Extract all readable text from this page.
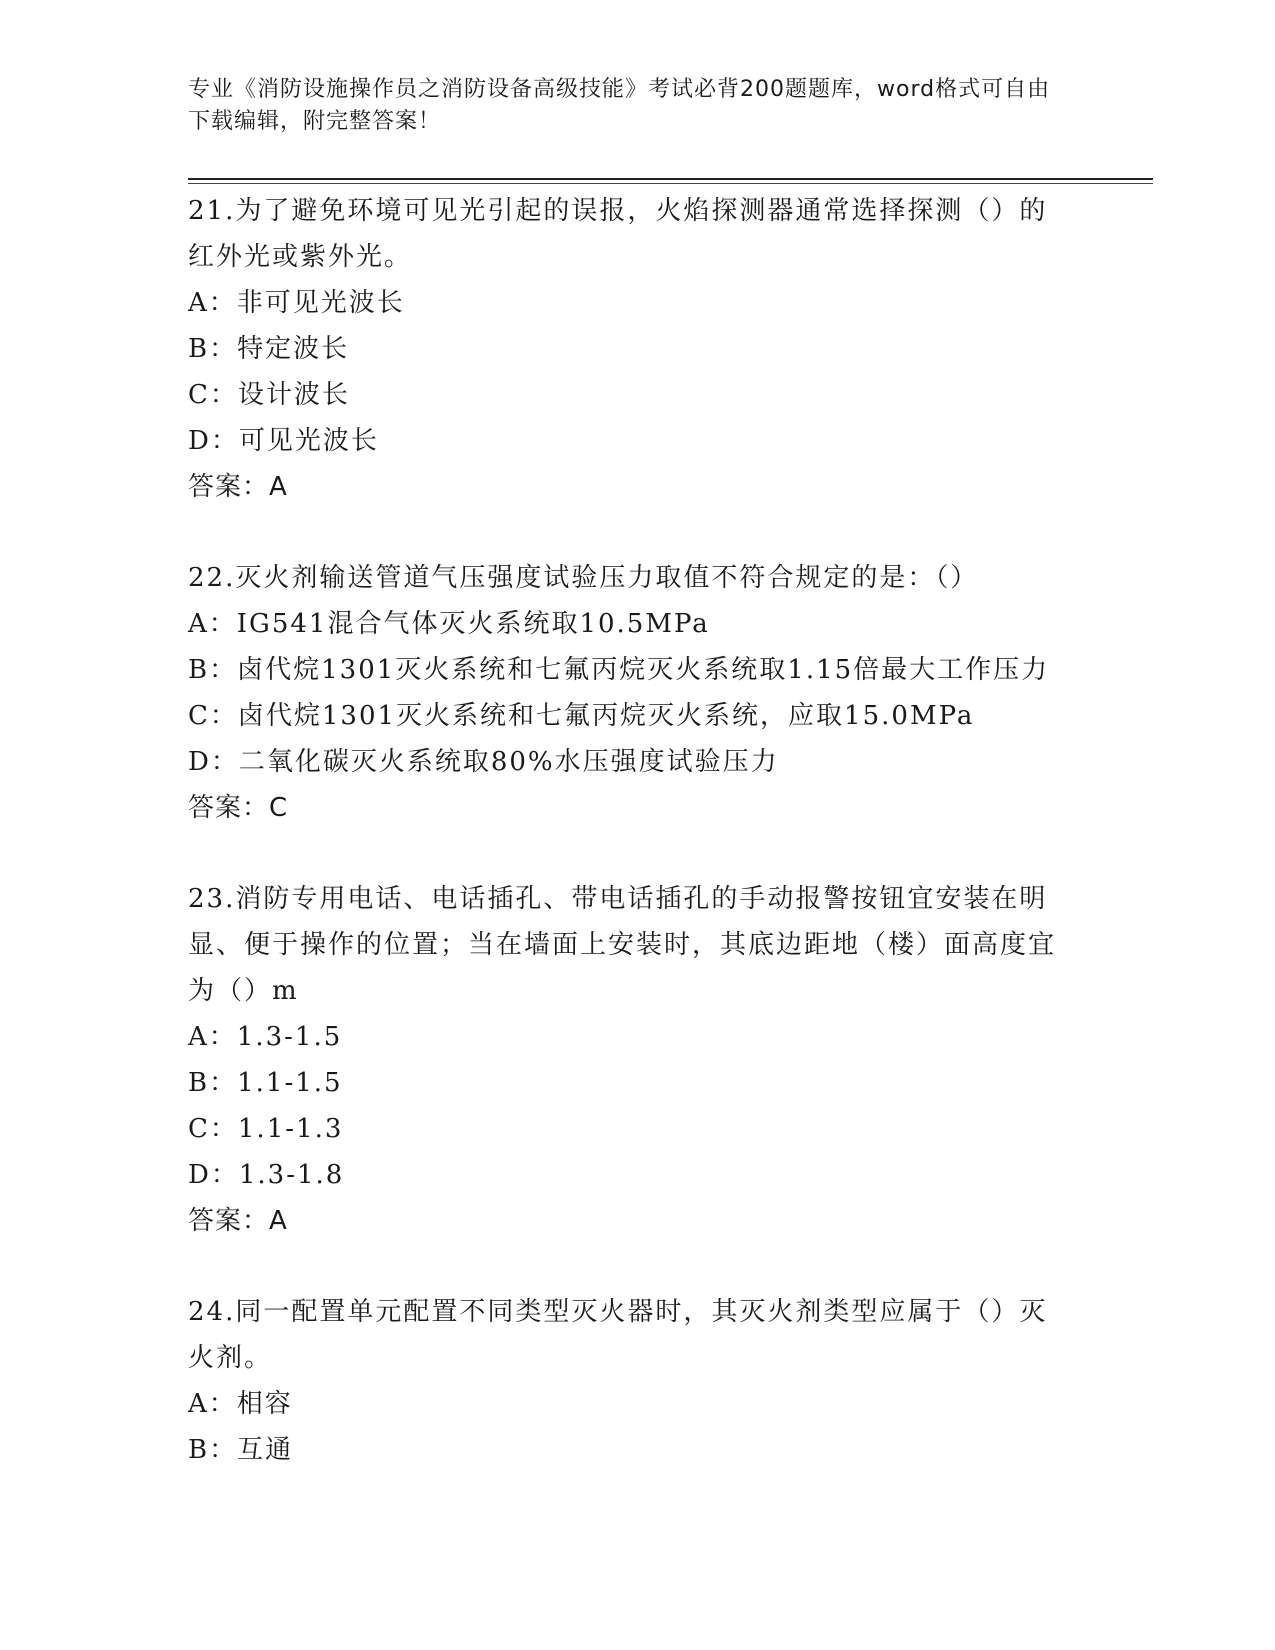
专业《消防设施操作员之消防设备高级技能》考试必背200题题库，word格式可自由下载编辑，附完整答案！
21.为了避免环境可见光引起的误报，火焰探测器通常选择探测（）的红外光或紫外光。
A：非可见光波长
B：特定波长
C：设计波长
D：可见光波长
答案：A
22.灭火剂输送管道气压强度试验压力取值不符合规定的是：（）
A：IG541混合气体灭火系统取10.5MPa
B：卤代烷1301灭火系统和七氟丙烷灭火系统取1.15倍最大工作压力
C：卤代烷1301灭火系统和七氟丙烷灭火系统，应取15.0MPa
D：二氧化碳灭火系统取80%水压强度试验压力
答案：C
23.消防专用电话、电话插孔、带电话插孔的手动报警按钮宜安装在明显、便于操作的位置；当在墙面上安装时，其底边距地（楼）面高度宜为（）m
A：1.3-1.5
B：1.1-1.5
C：1.1-1.3
D：1.3-1.8
答案：A
24.同一配置单元配置不同类型灭火器时，其灭火剂类型应属于（）灭火剂。
A：相容
B：互通
